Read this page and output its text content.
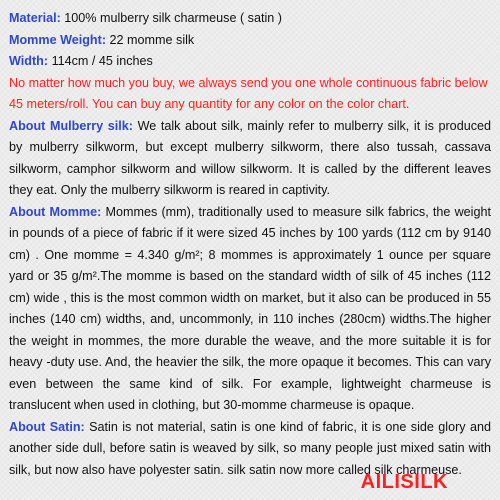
Material: 100% mulberry silk charmeuse ( satin )

Momme Weight: 22 momme silk

Width: 114cm / 45 inches

No matter how much you buy, we always send you one whole continuous fabric below 45 meters/roll. You can buy any quantity for any color on the color chart.

About Mulberry silk: We talk about silk, mainly refer to mulberry silk, it is produced by mulberry silkworm, but except mulberry silkworm, there also tussah, cassava silkworm, camphor silkworm and willow silkworm. It is called by the different leaves they eat. Only the mulberry silkworm is reared in captivity.

About Momme: Mommes (mm), traditionally used to measure silk fabrics, the weight in pounds of a piece of fabric if it were sized 45 inches by 100 yards (112 cm by 9140 cm) . One momme = 4.340 g/m²; 8 mommes is approximately 1 ounce per square yard or 35 g/m².The momme is based on the standard width of silk of 45 inches (112 cm) wide , this is the most common width on market, but it also can be produced in 55 inches (140 cm) widths, and, uncommonly, in 110 inches (280cm) widths.The higher the weight in mommes, the more durable the weave, and the more suitable it is for heavy -duty use. And, the heavier the silk, the more opaque it becomes. This can vary even between the same kind of silk. For example, lightweight charmeuse is translucent when used in clothing, but 30-momme charmeuse is opaque.

About Satin: Satin is not material, satin is one kind of fabric, it is one side glory and another side dull, before satin is weaved by silk, so many people just mixed satin with silk, but now also have polyester satin. silk satin now more called silk charmeuse.

AILISILK
